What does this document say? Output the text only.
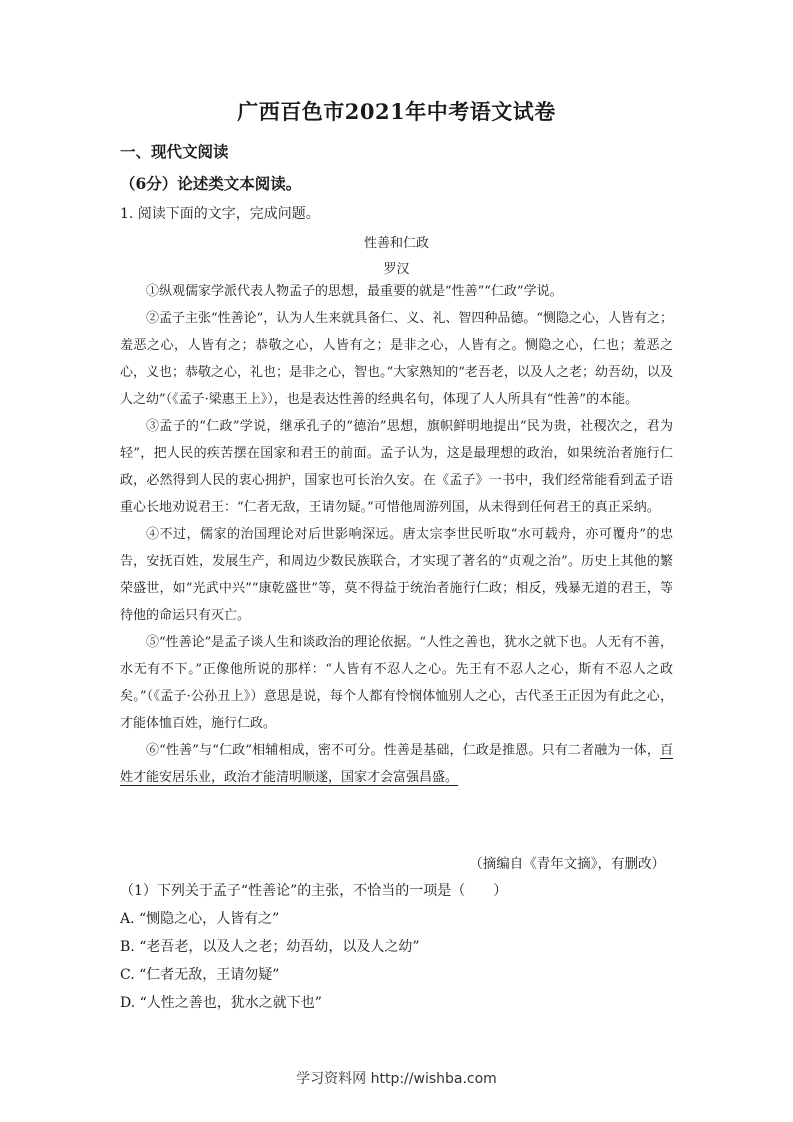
广西百色市2021年中考语文试卷
一、现代文阅读
（6分）论述类文本阅读。
1. 阅读下面的文字，完成问题。
性善和仁政
罗汉

①纵观儒家学派代表人物孟子的思想，最重要的就是“性善”“仁政”学说。

②孟子主张“性善论”，认为人生来就具备仁、义、礼、智四种品德。“恻隐之心，人皆有之；羞恶之心，人皆有之；恭敬之心，人皆有之；是非之心，人皆有之。恻隐之心，仁也；羞恶之心，义也；恭敬之心，礼也；是非之心，智也。”大家熟知的“老吾老，以及人之老；幼吾幼，以及人之幼”（《孟子·梁惠王上》），也是表达性善的经典名句，体现了人人所具有“性善”的本能。

③孟子的“仁政”学说，继承孔子的“德治”思想，旗帜鲜明地提出“民为贵，社稷次之，君为轻”，把人民的疾苦摆在国家和君王的前面。孟子认为，这是最理想的政治，如果统治者施行仁政，必然得到人民的衷心拥护，国家也可长治久安。在《孟子》一书中，我们经常能看到孟子语重心长地劝说君王：“仁者无敌，王请勿疑。”可惜他周游列国，从未得到任何君王的真正采纳。

④不过，儒家的治国理论对后世影响深远。唐太宗李世民听取“水可载舟，亦可覆舟”的忠告，安抚百姓，发展生产，和周边少数民族联合，才实现了著名的“贞观之治”。历史上其他的繁荣盛世，如“光武中兴”“康乾盛世”等，莫不得益于统治者施行仁政；相反，残暴无道的君王，等待他的命运只有灭亡。

⑤“性善论”是孟子谈人生和谈政治的理论依据。“人性之善也，犹水之就下也。人无有不善，水无有不下。”正像他所说的那样：“人皆有不忍人之心。先王有不忍人之心，斯有不忍人之政矣。”（《孟子·公孙丑上》）意思是说，每个人都有怜悯体恤别人之心，古代圣王正因为有此之心，才能体恤百姓，施行仁政。

⑥“性善”与“仁政”相辅相成，密不可分。性善是基础，仁政是推恩。只有二者融为一体，百姓才能安居乐业，政治才能清明顺遂，国家才会富强昌盛。

（摘编自《青年文摘》，有删改）
（1）下列关于孟子“性善论”的主张，不恰当的一项是（　　）
A. “恻隐之心，人皆有之”
B. “老吾老，以及人之老；幼吾幼，以及人之幼”
C. “仁者无敌，王请勿疑”
D. “人性之善也，犹水之就下也”
学习资料网 http://wishba.com
